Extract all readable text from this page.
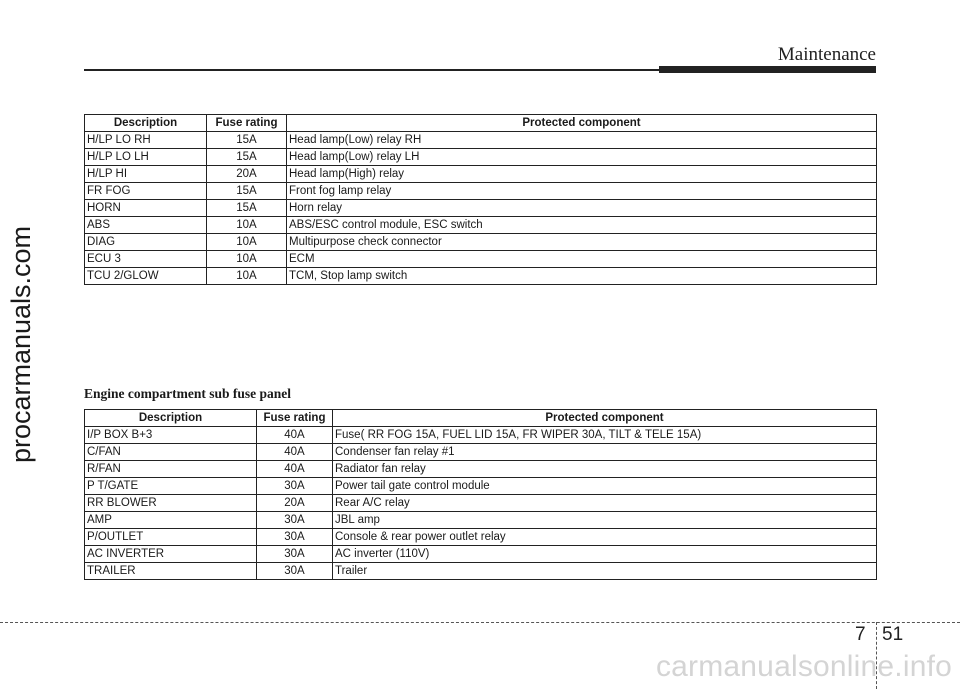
Maintenance
procarmanuals.com
Description	Fuse rating	Protected component
H/LP LO RH	15A	Head lamp(Low) relay RH
H/LP LO LH	15A	Head lamp(Low) relay LH
H/LP HI	20A	Head lamp(High) relay
FR FOG	15A	Front fog lamp relay
HORN	15A	Horn relay
ABS	10A	ABS/ESC control module, ESC switch
DIAG	10A	Multipurpose check connector
ECU 3	10A	ECM
TCU 2/GLOW	10A	TCM, Stop lamp switch
Engine compartment sub fuse panel
Description	Fuse rating	Protected component
I/P BOX B+3	40A	Fuse( RR FOG 15A, FUEL LID 15A, FR WIPER 30A, TILT & TELE 15A)
C/FAN	40A	Condenser fan relay #1
R/FAN	40A	Radiator fan relay
P T/GATE	30A	Power tail gate control module
RR BLOWER	20A	Rear A/C relay
AMP	30A	JBL amp
P/OUTLET	30A	Console & rear power outlet relay
AC INVERTER	30A	AC inverter (110V)
TRAILER	30A	Trailer
7 51
carmanualsonline.info
